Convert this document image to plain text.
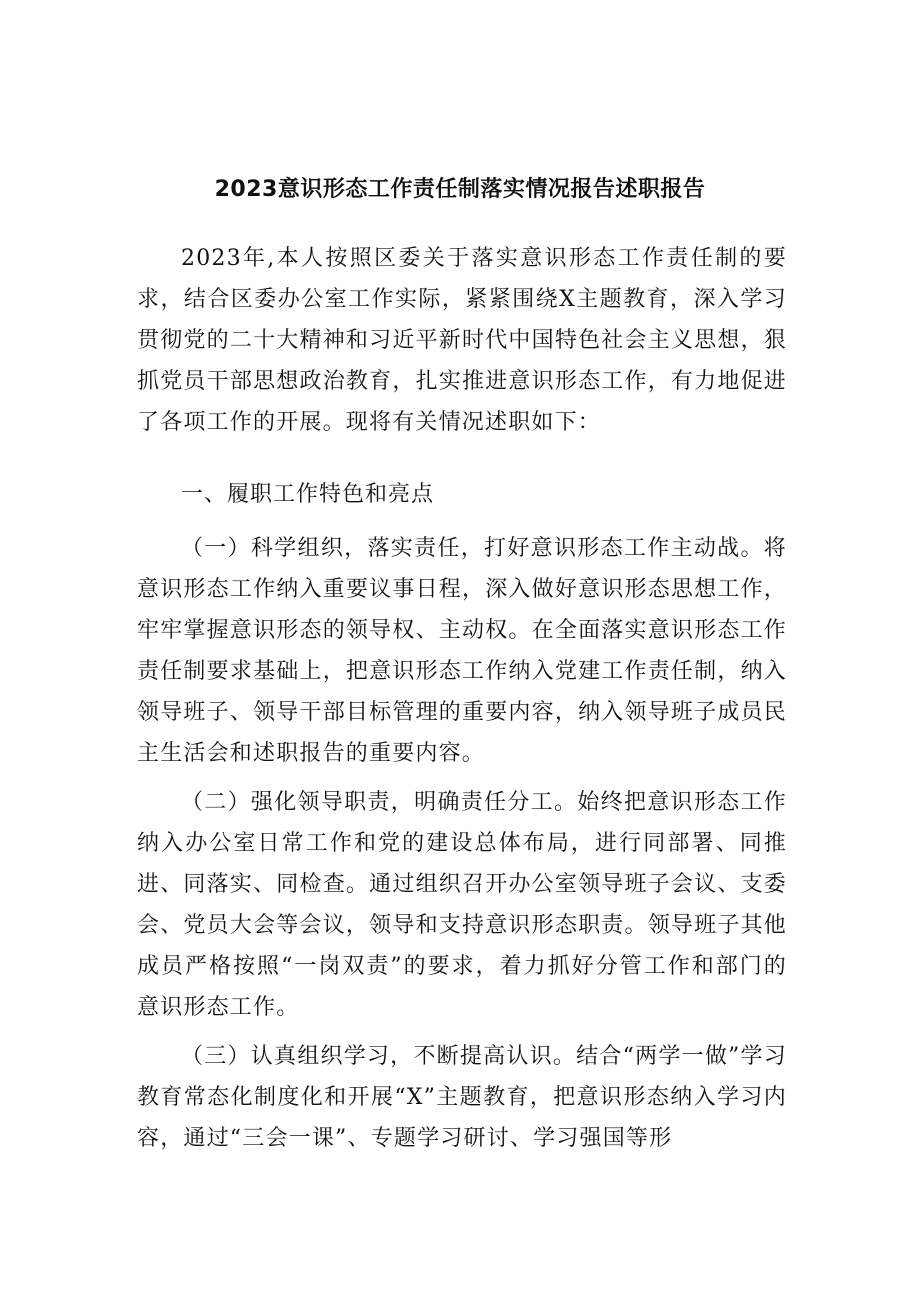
2023意识形态工作责任制落实情况报告述职报告

2023年,本人按照区委关于落实意识形态工作责任制的要求，结合区委办公室工作实际，紧紧围绕X主题教育，深入学习贯彻党的二十大精神和习近平新时代中国特色社会主义思想，狠抓党员干部思想政治教育，扎实推进意识形态工作，有力地促进了各项工作的开展。现将有关情况述职如下：

一、履职工作特色和亮点

（一）科学组织，落实责任，打好意识形态工作主动战。将意识形态工作纳入重要议事日程，深入做好意识形态思想工作，牢牢掌握意识形态的领导权、主动权。在全面落实意识形态工作责任制要求基础上，把意识形态工作纳入党建工作责任制，纳入领导班子、领导干部目标管理的重要内容，纳入领导班子成员民主生活会和述职报告的重要内容。

（二）强化领导职责，明确责任分工。始终把意识形态工作纳入办公室日常工作和党的建设总体布局，进行同部署、同推进、同落实、同检查。通过组织召开办公室领导班子会议、支委会、党员大会等会议，领导和支持意识形态职责。领导班子其他成员严格按照“一岗双责”的要求，着力抓好分管工作和部门的意识形态工作。

（三）认真组织学习，不断提高认识。结合“两学一做”学习教育常态化制度化和开展“X”主题教育，把意识形态纳入学习内容，通过“三会一课”、专题学习研讨、学习强国等形
